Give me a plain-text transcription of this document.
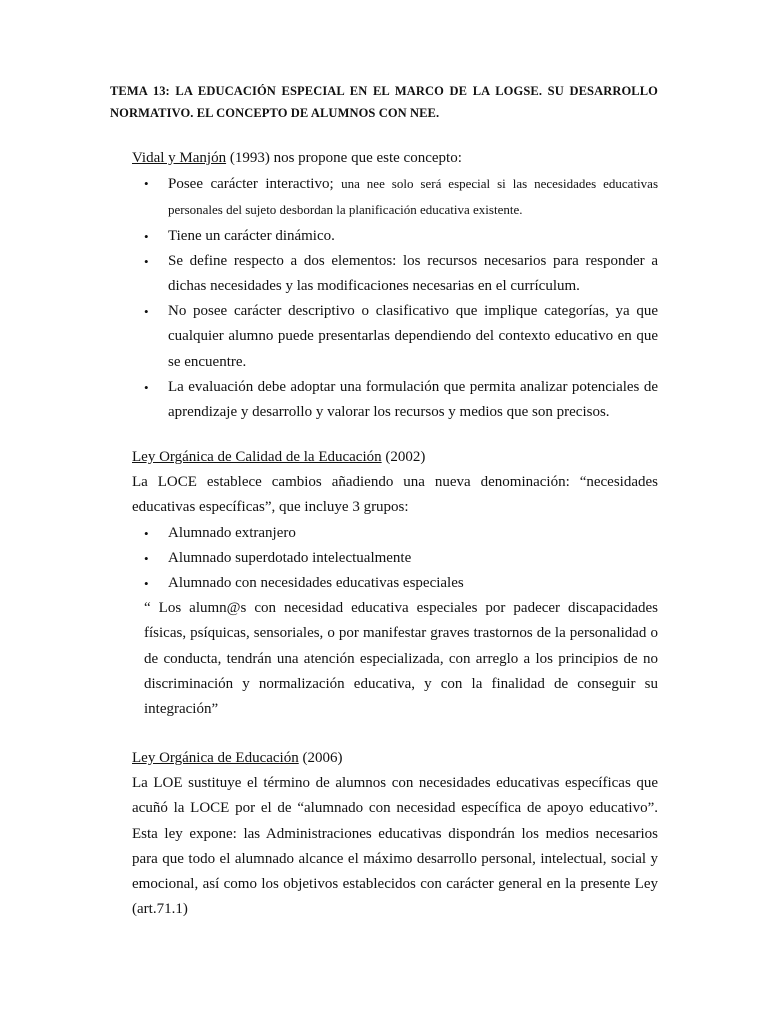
TEMA 13: LA EDUCACIÓN ESPECIAL EN EL MARCO DE LA LOGSE. SU DESARROLLO NORMATIVO. EL CONCEPTO DE ALUMNOS CON NEE.
Vidal y Manjón (1993) nos propone que este concepto:
• Posee carácter interactivo; una nee solo será especial si las necesidades educativas personales del sujeto desbordan la planificación educativa existente.
• Tiene un carácter dinámico.
• Se define respecto a dos elementos: los recursos necesarios para responder a dichas necesidades y las modificaciones necesarias en el currículum.
• No posee carácter descriptivo o clasificativo que implique categorías, ya que cualquier alumno puede presentarlas dependiendo del contexto educativo en que se encuentre.
• La evaluación debe adoptar una formulación que permita analizar potenciales de aprendizaje y desarrollo y valorar los recursos y medios que son precisos.
Ley Orgánica de Calidad de la Educación (2002)
La LOCE establece cambios añadiendo una nueva denominación: “necesidades educativas específicas”, que incluye 3 grupos:
• Alumnado extranjero
• Alumnado superdotado intelectualmente
• Alumnado con necesidades educativas especiales
“ Los alumn@s con necesidad educativa especiales por padecer discapacidades físicas, psíquicas, sensoriales, o por manifestar graves trastornos de la personalidad o de conducta, tendrán una atención especializada, con arreglo a los principios de no discriminación y normalización educativa, y con la finalidad de conseguir su integración”
Ley Orgánica de Educación (2006)
La LOE sustituye el término de alumnos con necesidades educativas específicas que acuñó la LOCE por el de “alumnado con necesidad específica de apoyo educativo”. Esta ley expone: las Administraciones educativas dispondrán los medios necesarios para que todo el alumnado alcance el máximo desarrollo personal, intelectual, social y emocional, así como los objetivos establecidos con carácter general en la presente Ley (art.71.1)
